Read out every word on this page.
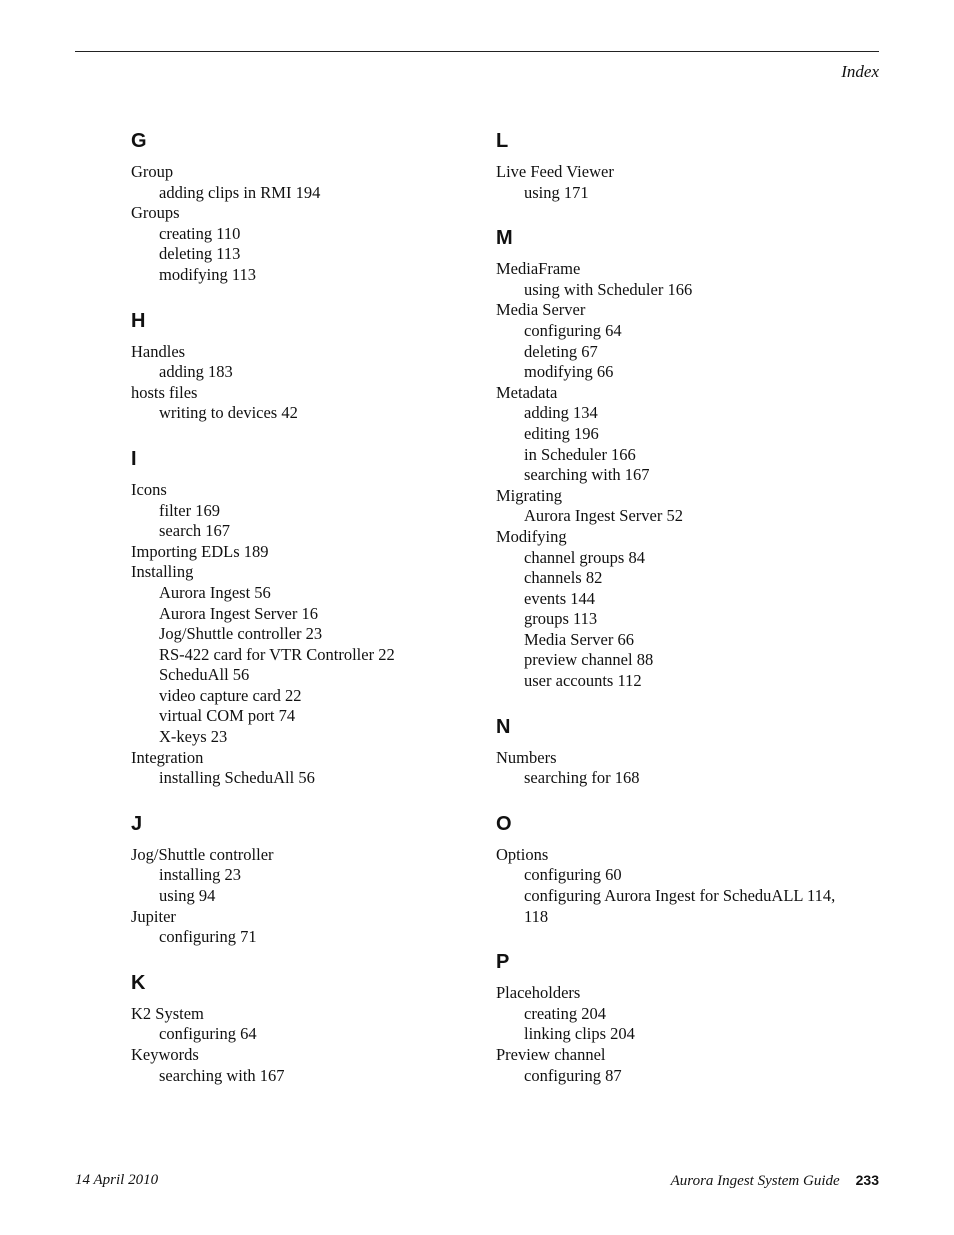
Index
G
Group
adding clips in RMI 194
Groups
creating 110
deleting 113
modifying 113
H
Handles
adding 183
hosts files
writing to devices 42
I
Icons
filter 169
search 167
Importing EDLs 189
Installing
Aurora Ingest 56
Aurora Ingest Server 16
Jog/Shuttle controller 23
RS-422 card for VTR Controller 22
ScheduAll 56
video capture card 22
virtual COM port 74
X-keys 23
Integration
installing ScheduAll 56
J
Jog/Shuttle controller
installing 23
using 94
Jupiter
configuring 71
K
K2 System
configuring 64
Keywords
searching with 167
L
Live Feed Viewer
using 171
M
MediaFrame
using with Scheduler 166
Media Server
configuring 64
deleting 67
modifying 66
Metadata
adding 134
editing 196
in Scheduler 166
searching with 167
Migrating
Aurora Ingest Server 52
Modifying
channel groups 84
channels 82
events 144
groups 113
Media Server 66
preview channel 88
user accounts 112
N
Numbers
searching for 168
O
Options
configuring 60
configuring Aurora Ingest for ScheduALL 114,
118
P
Placeholders
creating 204
linking clips 204
Preview channel
configuring 87
14 April 2010	Aurora Ingest System Guide 233
